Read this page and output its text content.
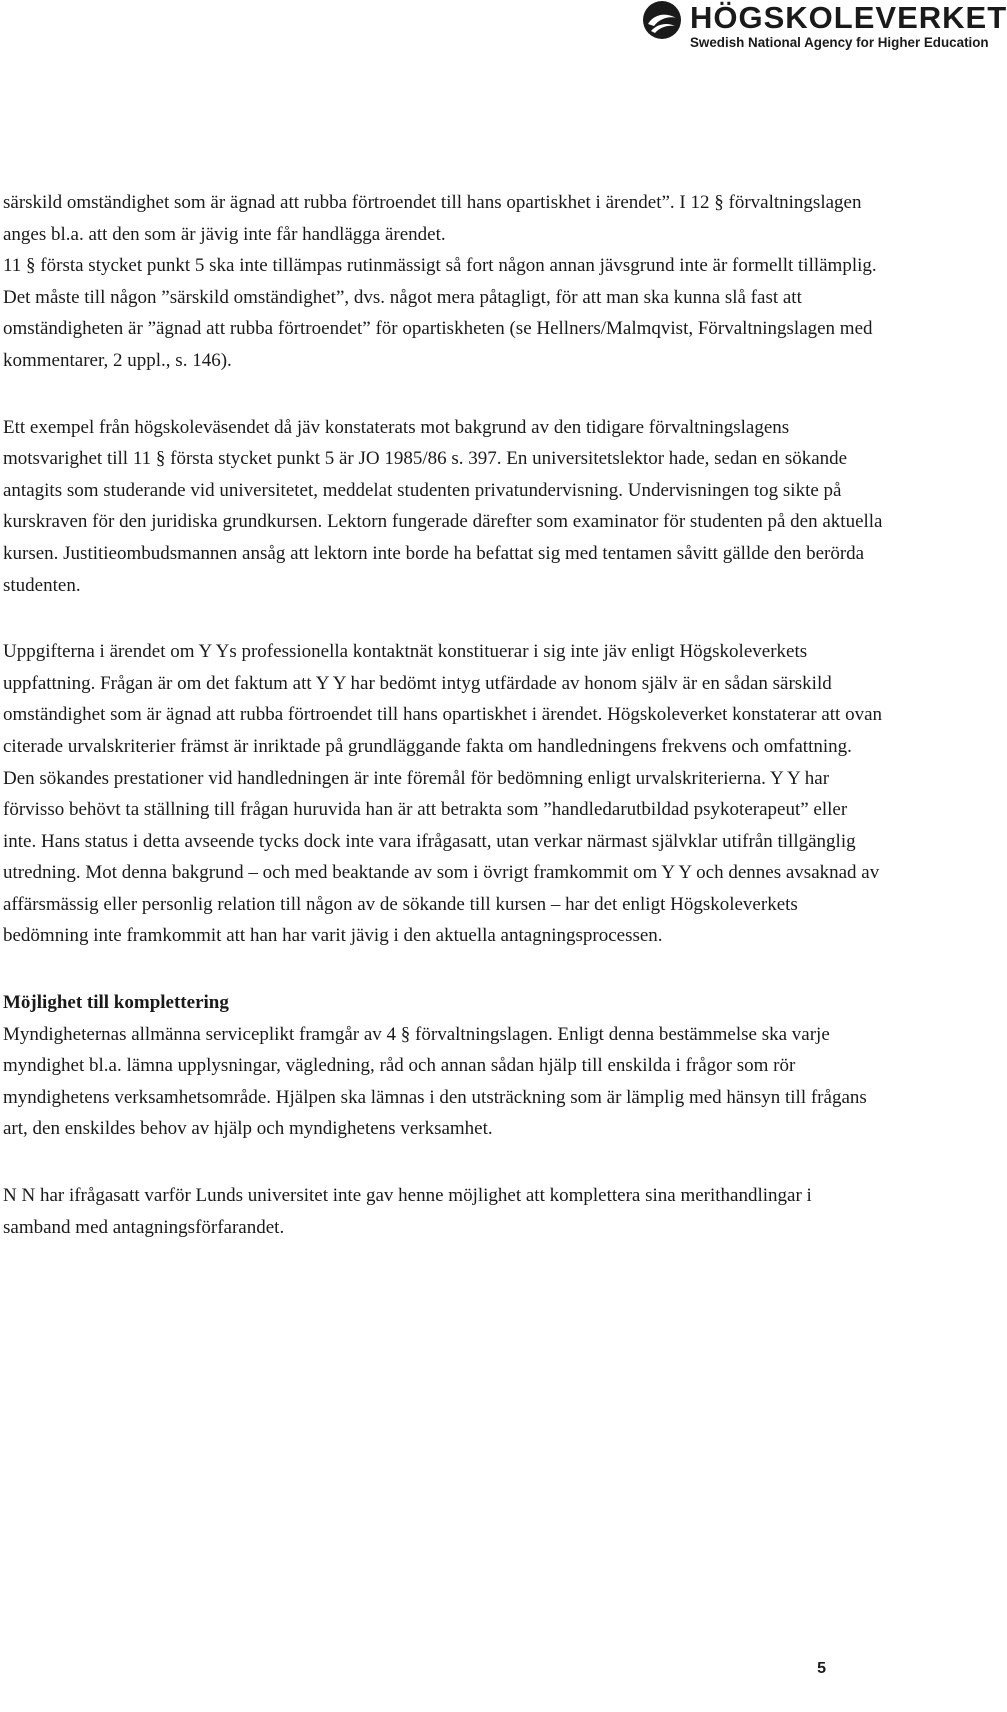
HÖGSKOLEVERKET
Swedish National Agency for Higher Education

särskild omständighet som är ägnad att rubba förtroendet till hans opartiskhet i ärendet”. I 12 § förvaltningslagen anges bl.a. att den som är jävig inte får handlägga ärendet.

11 § första stycket punkt 5 ska inte tillämpas rutinmässigt så fort någon annan jävsgrund inte är formellt tillämplig. Det måste till någon ”särskild omständighet”, dvs. något mera påtagligt, för att man ska kunna slå fast att omständigheten är ”ägnad att rubba förtroendet” för opartiskheten (se Hellners/Malmqvist, Förvaltningslagen med kommentarer, 2 uppl., s. 146).

Ett exempel från högskoleväsendet då jäv konstaterats mot bakgrund av den tidigare förvaltningslagens motsvarighet till 11 § första stycket punkt 5 är JO 1985/86 s. 397. En universitetslektor hade, sedan en sökande antagits som studerande vid universitetet, meddelat studenten privatundervisning. Undervisningen tog sikte på kurskraven för den juridiska grundkursen. Lektorn fungerade därefter som examinator för studenten på den aktuella kursen. Justitieombudsmannen ansåg att lektorn inte borde ha befattat sig med tentamen såvitt gällde den berörda studenten.

Uppgifterna i ärendet om Y Ys professionella kontaktnät konstituerar i sig inte jäv enligt Högskoleverkets uppfattning. Frågan är om det faktum att Y Y har bedömt intyg utfärdade av honom själv är en sådan särskild omständighet som är ägnad att rubba förtroendet till hans opartiskhet i ärendet. Högskoleverket konstaterar att ovan citerade urvalskriterier främst är inriktade på grundläggande fakta om handledningens frekvens och omfattning. Den sökandes prestationer vid handledningen är inte föremål för bedömning enligt urvalskriterierna. Y Y har förvisso behövt ta ställning till frågan huruvida han är att betrakta som ”handledarutbildad psykoterapeut” eller inte. Hans status i detta avseende tycks dock inte vara ifrågasatt, utan verkar närmast självklar utifrån tillgänglig utredning. Mot denna bakgrund – och med beaktande av som i övrigt framkommit om Y Y och dennes avsaknad av affärsmässig eller personlig relation till någon av de sökande till kursen – har det enligt Högskoleverkets bedömning inte framkommit att han har varit jävig i den aktuella antagningsprocessen.

Möjlighet till komplettering

Myndigheternas allmänna serviceplikt framgår av 4 § förvaltningslagen. Enligt denna bestämmelse ska varje myndighet bl.a. lämna upplysningar, vägledning, råd och annan sådan hjälp till enskilda i frågor som rör myndighetens verksamhetsområde. Hjälpen ska lämnas i den utsträckning som är lämplig med hänsyn till frågans art, den enskildes behov av hjälp och myndighetens verksamhet.

N N har ifrågasatt varför Lunds universitet inte gav henne möjlighet att komplettera sina merithandlingar i samband med antagningsförfarandet.

5
